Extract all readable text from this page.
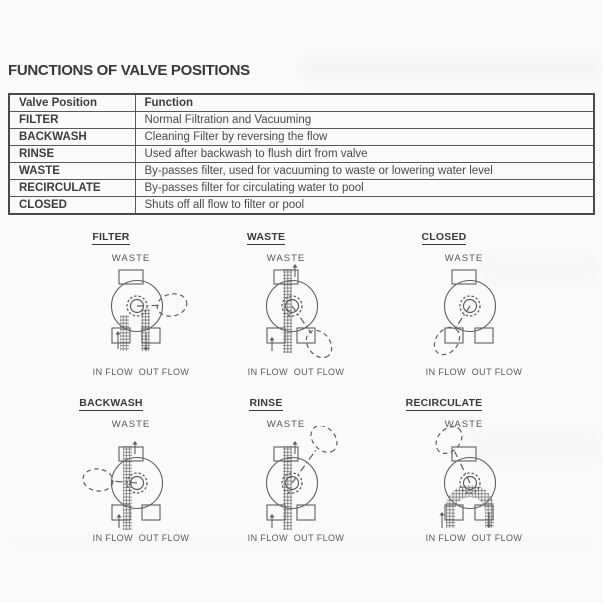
FUNCTIONS OF VALVE POSITIONS
Valve Position	Function
FILTER	Normal Filtration and Vacuuming
BACKWASH	Cleaning Filter by reversing the flow
RINSE	Used after backwash to flush dirt from valve
WASTE	By-passes filter, used for vacuuming to waste or lowering water level
RECIRCULATE	By-passes filter for circulating water to pool
CLOSED	Shuts off all flow to filter or pool
FILTER
WASTE
IN FLOW  OUT FLOW
WASTE
WASTE
IN FLOW  OUT FLOW
CLOSED
WASTE
IN FLOW  OUT FLOW
BACKWASH
WASTE
IN FLOW  OUT FLOW
RINSE
WASTE
IN FLOW  OUT FLOW
RECIRCULATE
WASTE
IN FLOW  OUT FLOW
